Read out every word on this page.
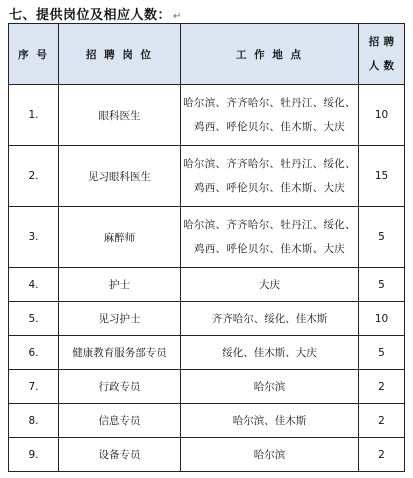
七、提供岗位及相应人数： ↵
序 号	招 聘 岗 位	工 作 地 点	招 聘
人 数

1.	眼科医生	哈尔滨、齐齐哈尔、牡丹江、绥化、
鸡西、呼伦贝尔、佳木斯、大庆	10
2.	见习眼科医生	哈尔滨、齐齐哈尔、牡丹江、绥化、
鸡西、呼伦贝尔、佳木斯、大庆	15
3.	麻醉师	哈尔滨、齐齐哈尔、牡丹江、绥化、
鸡西、呼伦贝尔、佳木斯、大庆	5
4.	护士	大庆	5
5.	见习护士	齐齐哈尔、绥化、佳木斯	10
6.	健康教育服务部专员	绥化、佳木斯、大庆	5
7.	行政专员	哈尔滨	2
8.	信息专员	哈尔滨、佳木斯	2
9.	设备专员	哈尔滨	2
